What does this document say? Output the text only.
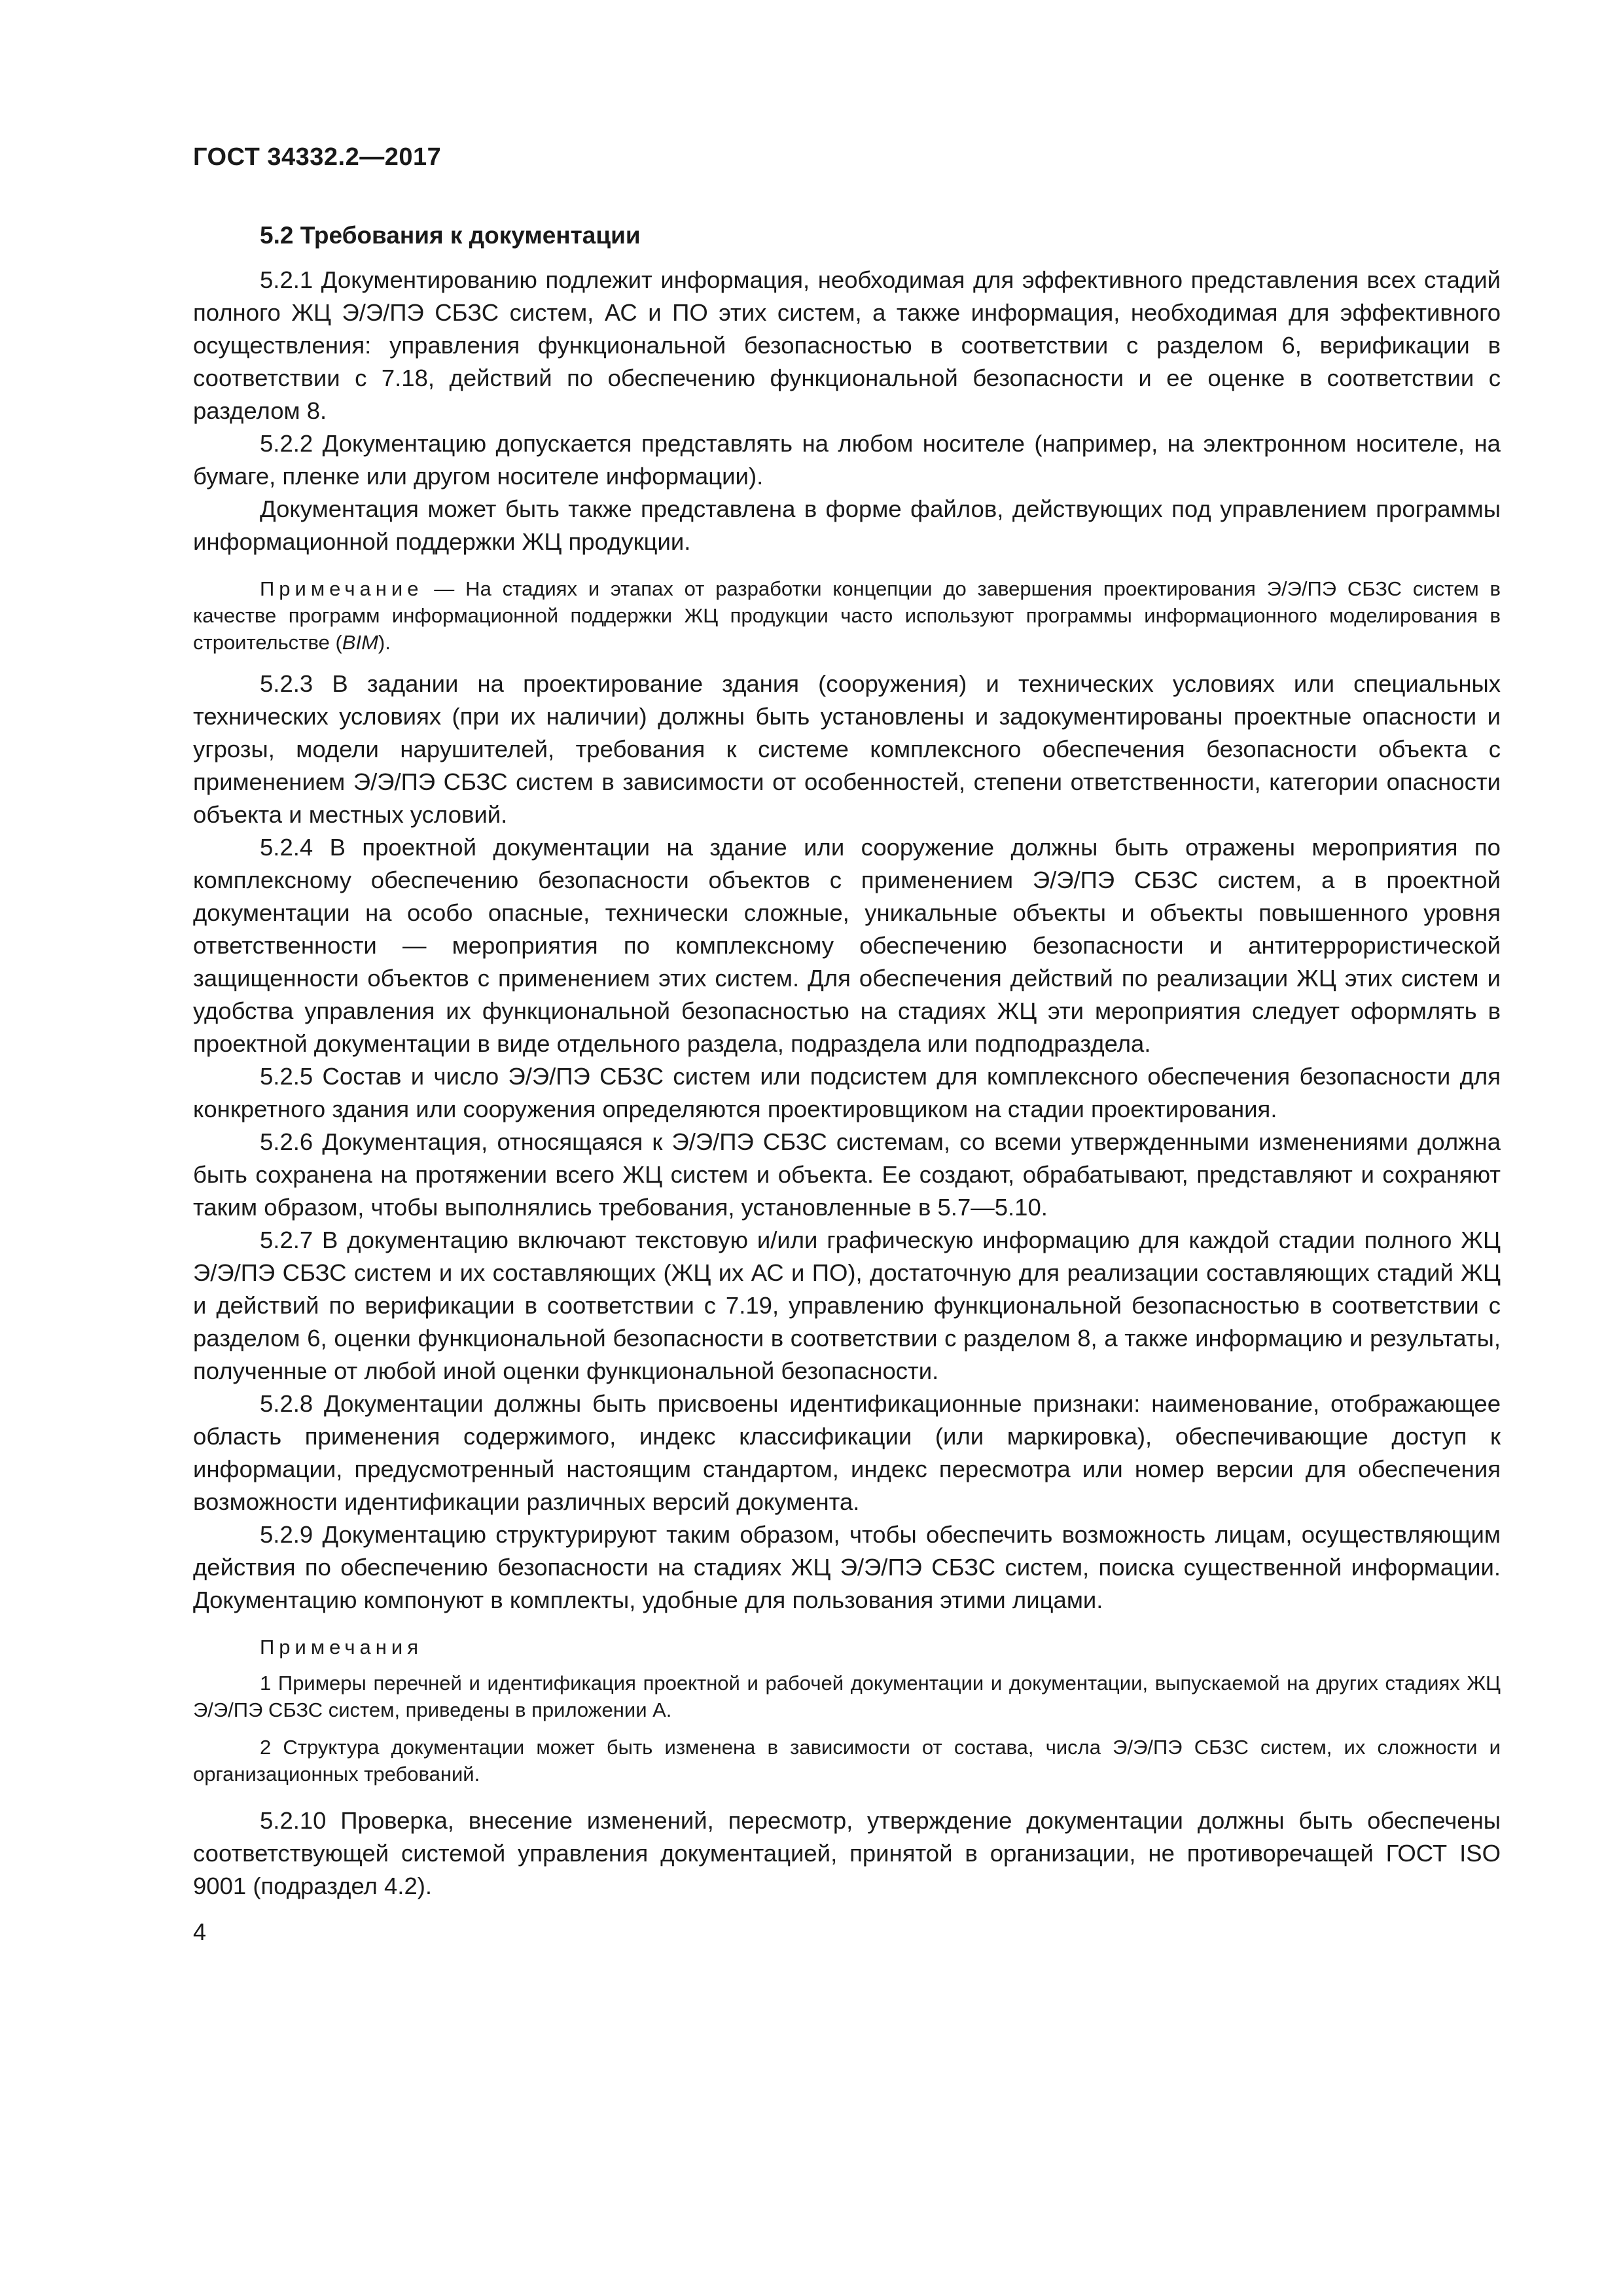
ГОСТ 34332.2—2017
5.2 Требования к документации

5.2.1 Документированию подлежит информация, необходимая для эффективного представления всех стадий полного ЖЦ Э/Э/ПЭ СБЗС систем, АС и ПО этих систем, а также информация, необходимая для эффективного осуществления: управления функциональной безопасностью в соответствии с разделом 6, верификации в соответствии с 7.18, действий по обеспечению функциональной безопасности и ее оценке в соответствии с разделом 8.

5.2.2 Документацию допускается представлять на любом носителе (например, на электронном носителе, на бумаге, пленке или другом носителе информации).

Документация может быть также представлена в форме файлов, действующих под управлением программы информационной поддержки ЖЦ продукции.

Примечание — На стадиях и этапах от разработки концепции до завершения проектирования Э/Э/ПЭ СБЗС систем в качестве программ информационной поддержки ЖЦ продукции часто используют программы информационного моделирования в строительстве (BIM).

5.2.3 В задании на проектирование здания (сооружения) и технических условиях или специальных технических условиях (при их наличии) должны быть установлены и задокументированы проектные опасности и угрозы, модели нарушителей, требования к системе комплексного обеспечения безопасности объекта с применением Э/Э/ПЭ СБЗС систем в зависимости от особенностей, степени ответственности, категории опасности объекта и местных условий.

5.2.4 В проектной документации на здание или сооружение должны быть отражены мероприятия по комплексному обеспечению безопасности объектов с применением Э/Э/ПЭ СБЗС систем, а в проектной документации на особо опасные, технически сложные, уникальные объекты и объекты повышенного уровня ответственности — мероприятия по комплексному обеспечению безопасности и антитеррористической защищенности объектов с применением этих систем. Для обеспечения действий по реализации ЖЦ этих систем и удобства управления их функциональной безопасностью на стадиях ЖЦ эти мероприятия следует оформлять в проектной документации в виде отдельного раздела, подраздела или подподраздела.

5.2.5 Состав и число Э/Э/ПЭ СБЗС систем или подсистем для комплексного обеспечения безопасности для конкретного здания или сооружения определяются проектировщиком на стадии проектирования.

5.2.6 Документация, относящаяся к Э/Э/ПЭ СБЗС системам, со всеми утвержденными изменениями должна быть сохранена на протяжении всего ЖЦ систем и объекта. Ее создают, обрабатывают, представляют и сохраняют таким образом, чтобы выполнялись требования, установленные в 5.7—5.10.

5.2.7 В документацию включают текстовую и/или графическую информацию для каждой стадии полного ЖЦ Э/Э/ПЭ СБЗС систем и их составляющих (ЖЦ их АС и ПО), достаточную для реализации составляющих стадий ЖЦ и действий по верификации в соответствии с 7.19, управлению функциональной безопасностью в соответствии с разделом 6, оценки функциональной безопасности в соответствии с разделом 8, а также информацию и результаты, полученные от любой иной оценки функциональной безопасности.

5.2.8 Документации должны быть присвоены идентификационные признаки: наименование, отображающее область применения содержимого, индекс классификации (или маркировка), обеспечивающие доступ к информации, предусмотренный настоящим стандартом, индекс пересмотра или номер версии для обеспечения возможности идентификации различных версий документа.

5.2.9 Документацию структурируют таким образом, чтобы обеспечить возможность лицам, осуществляющим действия по обеспечению безопасности на стадиях ЖЦ Э/Э/ПЭ СБЗС систем, поиска существенной информации. Документацию компонуют в комплекты, удобные для пользования этими лицами.

Примечания

1 Примеры перечней и идентификация проектной и рабочей документации и документации, выпускаемой на других стадиях ЖЦ Э/Э/ПЭ СБЗС систем, приведены в приложении А.

2 Структура документации может быть изменена в зависимости от состава, числа Э/Э/ПЭ СБЗС систем, их сложности и организационных требований.

5.2.10 Проверка, внесение изменений, пересмотр, утверждение документации должны быть обеспечены соответствующей системой управления документацией, принятой в организации, не противоречащей ГОСТ ISO 9001 (подраздел 4.2).

4
